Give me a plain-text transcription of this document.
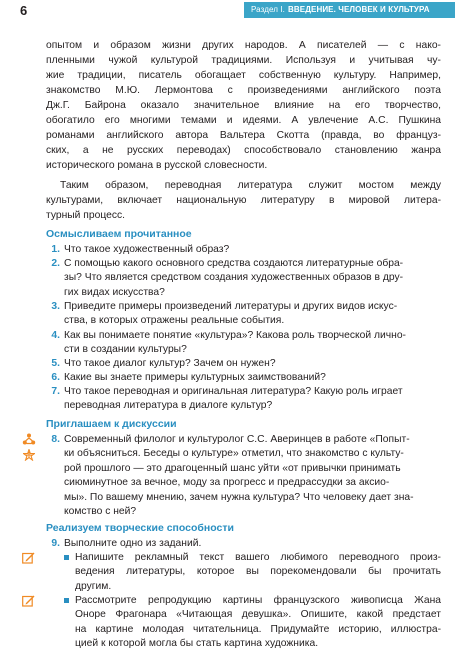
6	Раздел I. ВВЕДЕНИЕ. ЧЕЛОВЕК И КУЛЬТУРА
опытом и образом жизни других народов. А писателей — с нако-
пленными чужой культурой традициями. Используя и учитывая чу-
жие традиции, писатель обогащает собственную культуру. Например,
знакомство М.Ю. Лермонтова с произведениями английского поэта
Дж.Г. Байрона оказало значительное влияние на его творчество,
обогатило его многими темами и идеями. А увлечение А.С. Пушкина
романами английского автора Вальтера Скотта (правда, во француз-
ских, а не русских переводах) способствовало становлению жанра
исторического романа в русской словесности.
Таким образом, переводная литература служит мостом между
культурами, включает национальную литературу в мировой литера-
турный процесс.
Осмысливаем прочитанное
1. Что такое художественный образ?
2. С помощью какого основного средства создаются литературные обра-
зы? Что является средством создания художественных образов в дру-
гих видах искусства?
3. Приведите примеры произведений литературы и других видов искус-
ства, в которых отражены реальные события.
4. Как вы понимаете понятие «культура»? Какова роль творческой лично-
сти в создании культуры?
5. Что такое диалог культур? Зачем он нужен?
6. Какие вы знаете примеры культурных заимствований?
7. Что такое переводная и оригинальная литература? Какую роль играет
переводная литература в диалоге культур?
Приглашаем к дискуссии
8. Современный филолог и культуролог С.С. Аверинцев в работе «Попыт-
ки объясниться. Беседы о культуре» отметил, что знакомство с культу-
рой прошлого — это драгоценный шанс уйти «от привычки принимать
сиюминутное за вечное, моду за прогресс и предрассудки за аксио-
мы». По вашему мнению, зачем нужна культура? Что человеку дает зна-
комство с ней?
Реализуем творческие способности
9. Выполните одно из заданий.
Напишите рекламный текст вашего любимого переводного произ-
ведения литературы, которое вы порекомендовали бы прочитать
другим.
Рассмотрите репродукцию картины французского живописца Жана
Оноре Фрагонара «Читающая девушка». Опишите, какой предстает
на картине молодая читательница. Придумайте историю, иллюстра-
цией к которой могла бы стать картина художника.
